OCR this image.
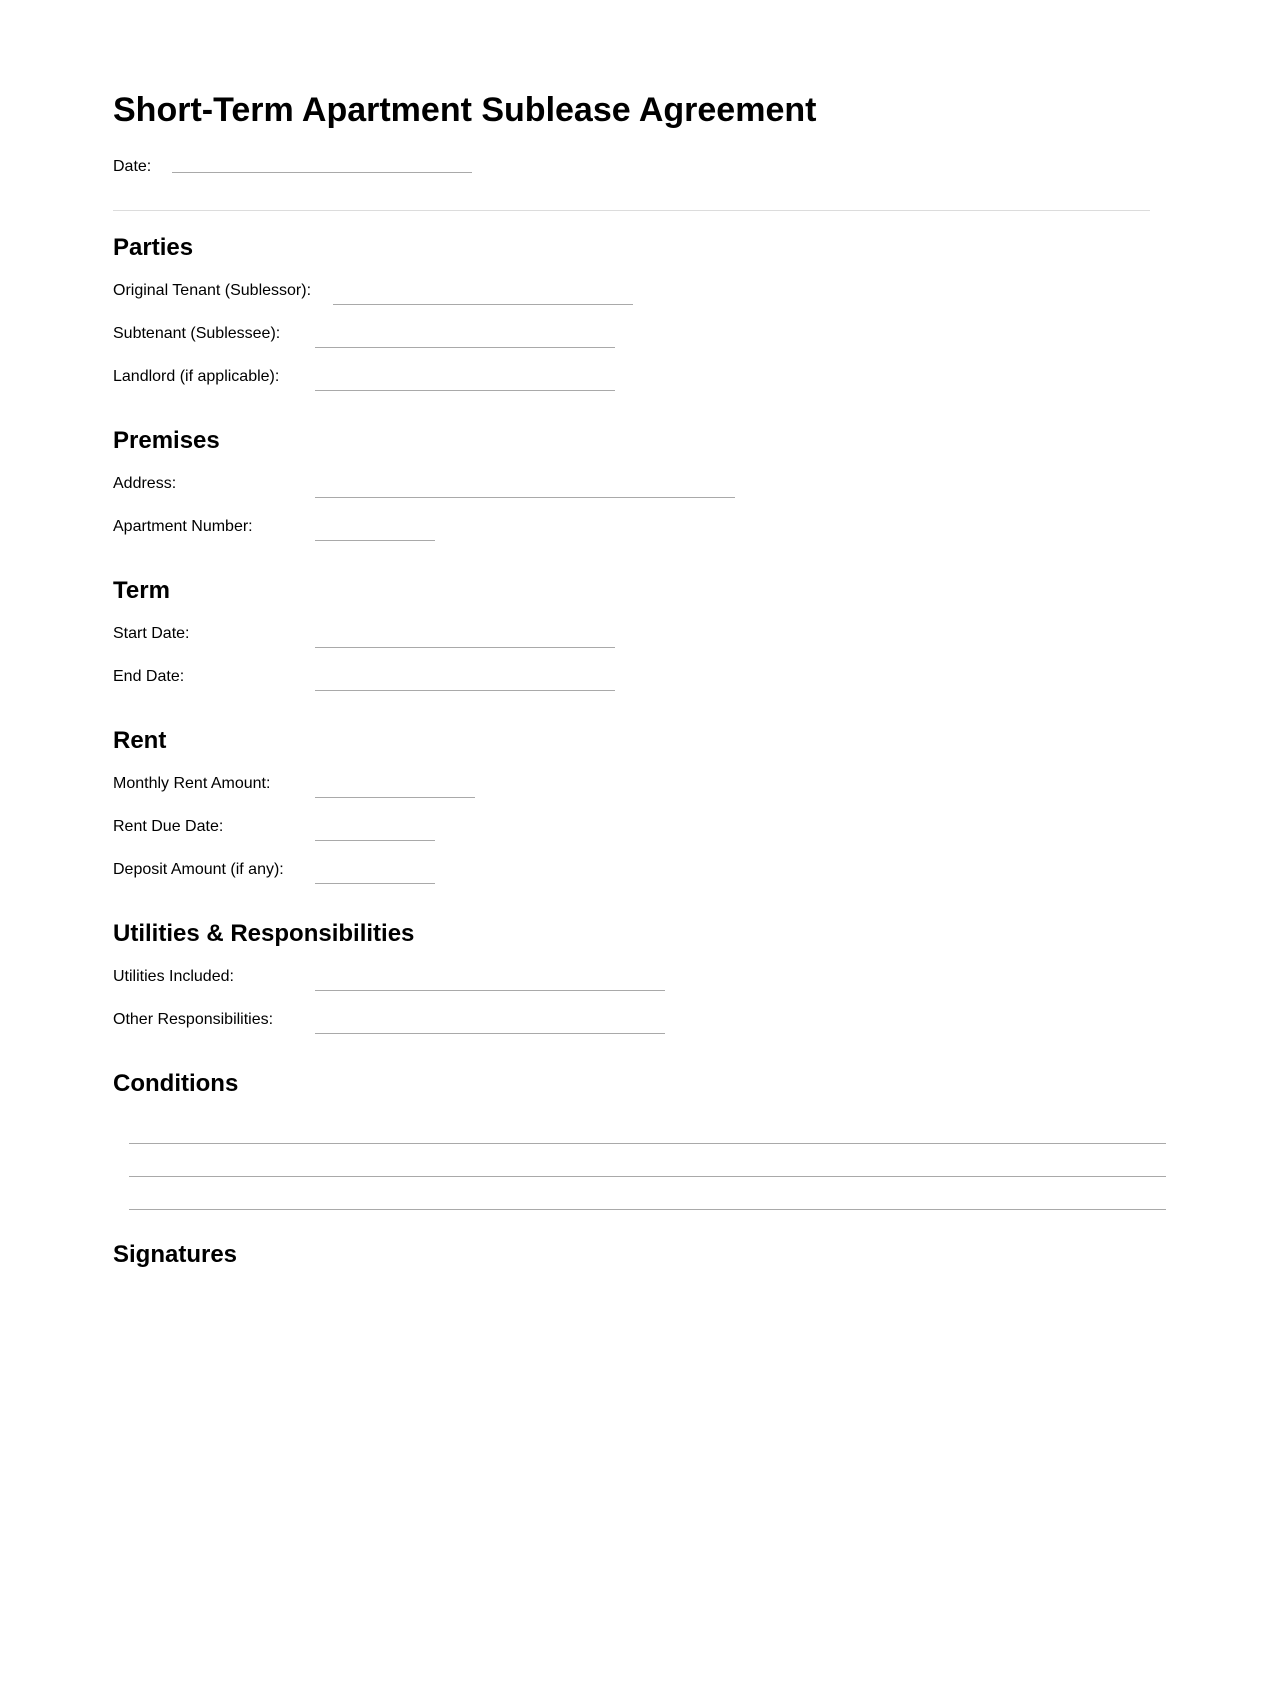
Short-Term Apartment Sublease Agreement
Date:
Parties
Original Tenant (Sublessor):
Subtenant (Sublessee):
Landlord (if applicable):
Premises
Address:
Apartment Number:
Term
Start Date:
End Date:
Rent
Monthly Rent Amount:
Rent Due Date:
Deposit Amount (if any):
Utilities & Responsibilities
Utilities Included:
Other Responsibilities:
Conditions
Signatures
